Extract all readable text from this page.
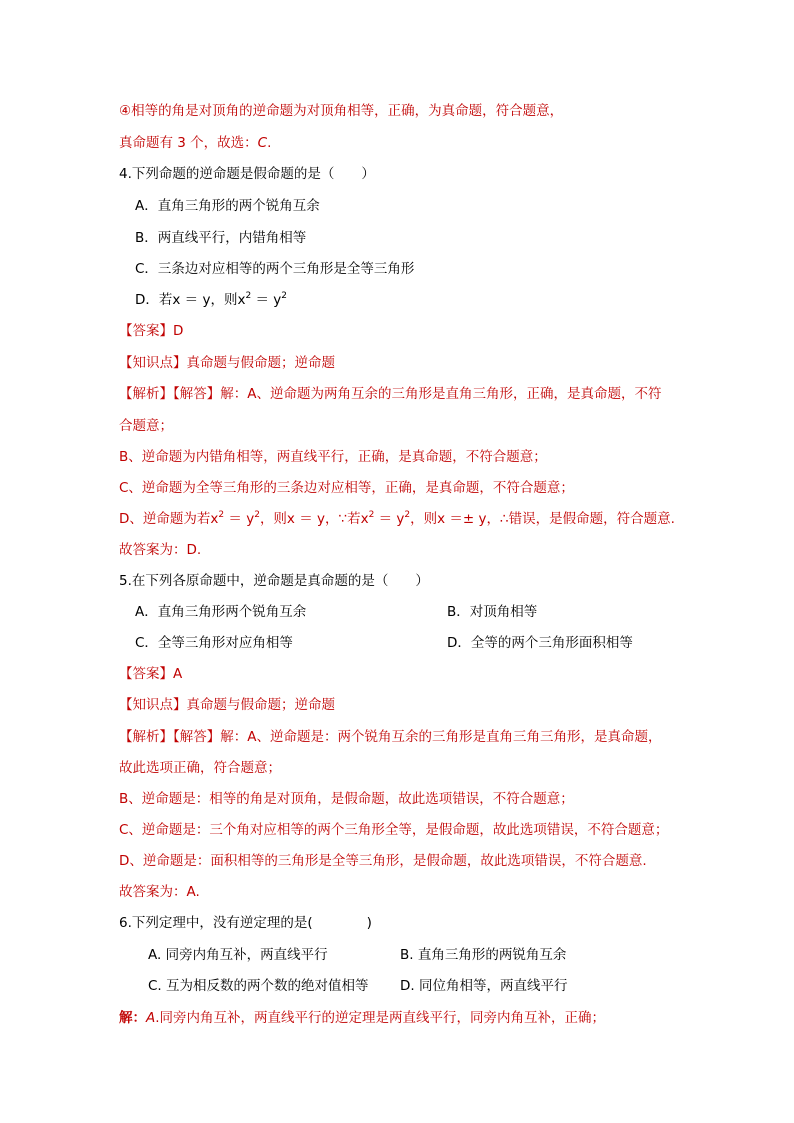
④相等的角是对顶角的逆命题为对顶角相等，正确，为真命题，符合题意，
真命题有 3 个，故选：C.
4.下列命题的逆命题是假命题的是（　　）
A．直角三角形的两个锐角互余
B．两直线平行，内错角相等
C．三条边对应相等的两个三角形是全等三角形
D．若x ＝ y，则$x^2 = y^2$
【答案】D
【知识点】真命题与假命题；逆命题
【解析】【解答】解：A、逆命题为两角互余的三角形是直角三角形，正确，是真命题，不符
合题意；
B、逆命题为内错角相等，两直线平行，正确，是真命题，不符合题意；
C、逆命题为全等三角形的三条边对应相等，正确，是真命题，不符合题意；
D、逆命题为若$x^2 = y^2$，则x ＝ y，∵若$x^2 = y^2$，则x ＝± y，∴错误，是假命题，符合题意.
故答案为：D.
5.在下列各原命题中，逆命题是真命题的是（　　）
A．直角三角形两个锐角互余	B．对顶角相等
C．全等三角形对应角相等	D．全等的两个三角形面积相等
【答案】A
【知识点】真命题与假命题；逆命题
【解析】【解答】解：A、逆命题是：两个锐角互余的三角形是直角三角三角形，是真命题，
故此选项正确，符合题意；
B、逆命题是：相等的角是对顶角，是假命题，故此选项错误，不符合题意；
C、逆命题是：三个角对应相等的两个三角形全等，是假命题，故此选项错误，不符合题意；
D、逆命题是：面积相等的三角形是全等三角形，是假命题，故此选项错误，不符合题意.
故答案为：A.
6.下列定理中，没有逆定理的是(　　　　)
A. 同旁内角互补，两直线平行	B. 直角三角形的两锐角互余
C. 互为相反数的两个数的绝对值相等 D. 同位角相等，两直线平行
解：A.同旁内角互补，两直线平行的逆定理是两直线平行，同旁内角互补，正确；
